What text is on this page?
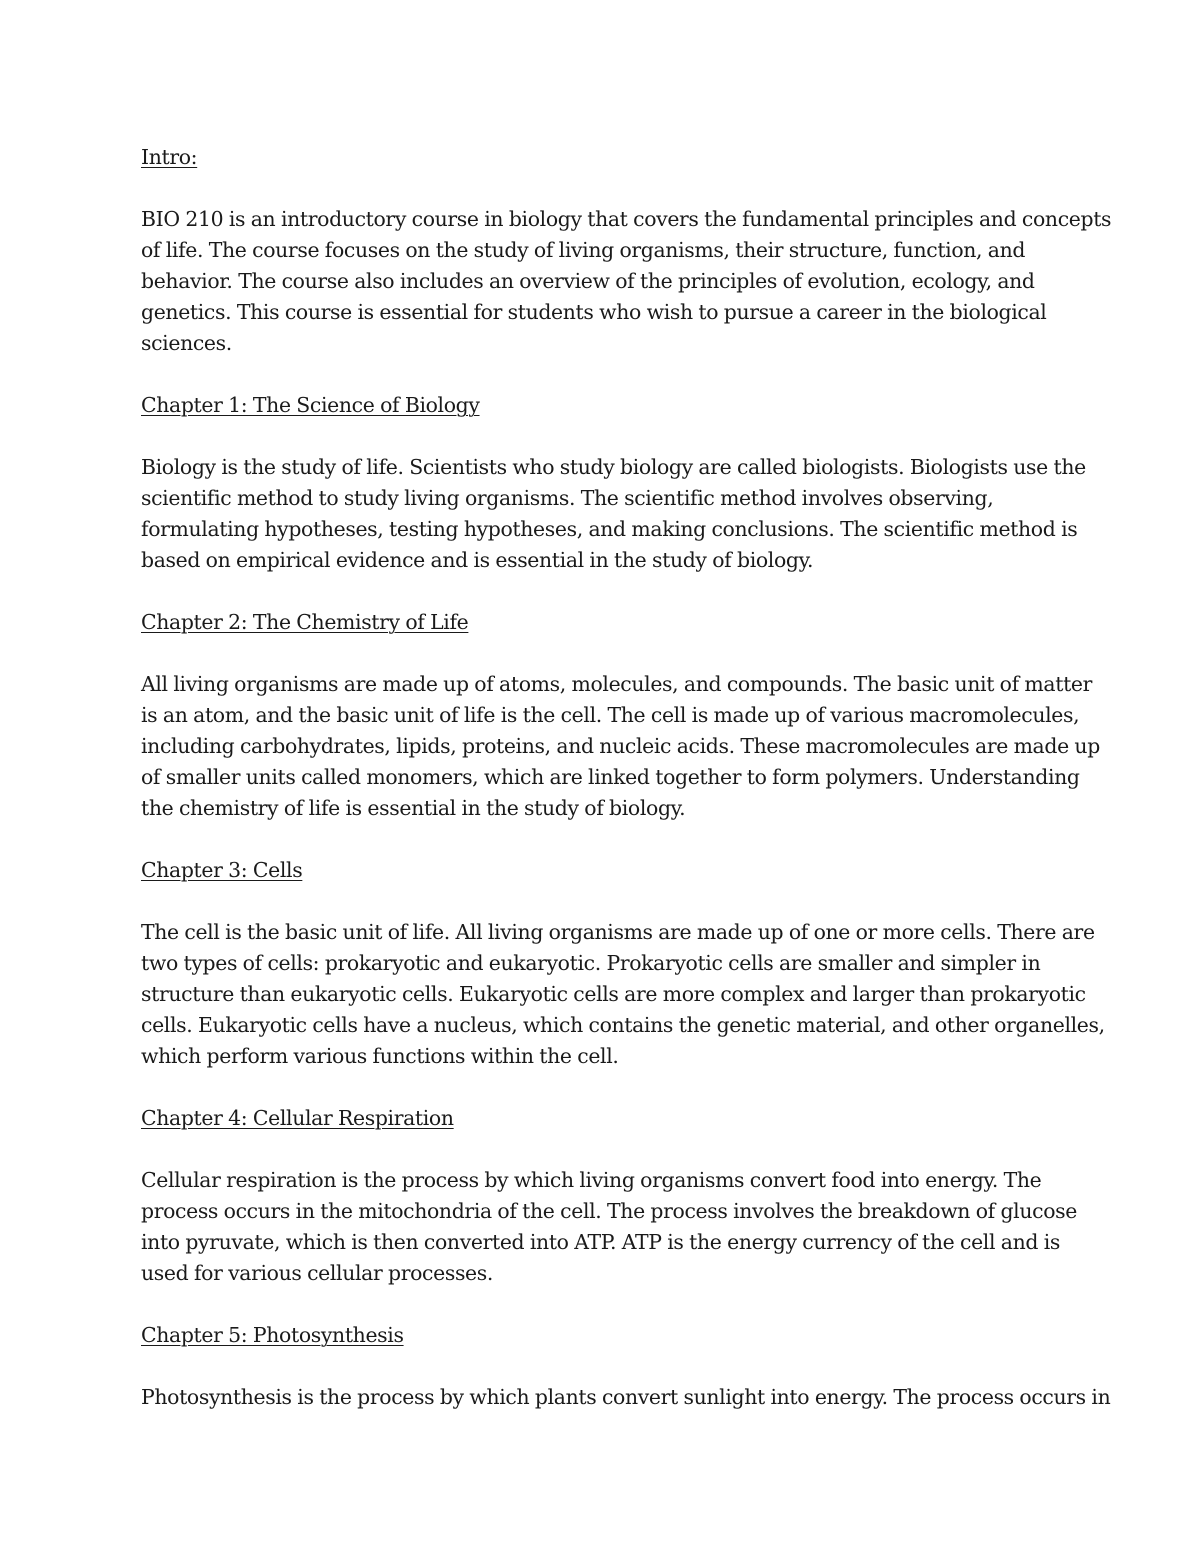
Intro:
BIO 210 is an introductory course in biology that covers the fundamental principles and concepts
of life. The course focuses on the study of living organisms, their structure, function, and
behavior. The course also includes an overview of the principles of evolution, ecology, and
genetics. This course is essential for students who wish to pursue a career in the biological
sciences.
Chapter 1: The Science of Biology
Biology is the study of life. Scientists who study biology are called biologists. Biologists use the
scientific method to study living organisms. The scientific method involves observing,
formulating hypotheses, testing hypotheses, and making conclusions. The scientific method is
based on empirical evidence and is essential in the study of biology.
Chapter 2: The Chemistry of Life
All living organisms are made up of atoms, molecules, and compounds. The basic unit of matter
is an atom, and the basic unit of life is the cell. The cell is made up of various macromolecules,
including carbohydrates, lipids, proteins, and nucleic acids. These macromolecules are made up
of smaller units called monomers, which are linked together to form polymers. Understanding
the chemistry of life is essential in the study of biology.
Chapter 3: Cells
The cell is the basic unit of life. All living organisms are made up of one or more cells. There are
two types of cells: prokaryotic and eukaryotic. Prokaryotic cells are smaller and simpler in
structure than eukaryotic cells. Eukaryotic cells are more complex and larger than prokaryotic
cells. Eukaryotic cells have a nucleus, which contains the genetic material, and other organelles,
which perform various functions within the cell.
Chapter 4: Cellular Respiration
Cellular respiration is the process by which living organisms convert food into energy. The
process occurs in the mitochondria of the cell. The process involves the breakdown of glucose
into pyruvate, which is then converted into ATP. ATP is the energy currency of the cell and is
used for various cellular processes.
Chapter 5: Photosynthesis
Photosynthesis is the process by which plants convert sunlight into energy. The process occurs in
